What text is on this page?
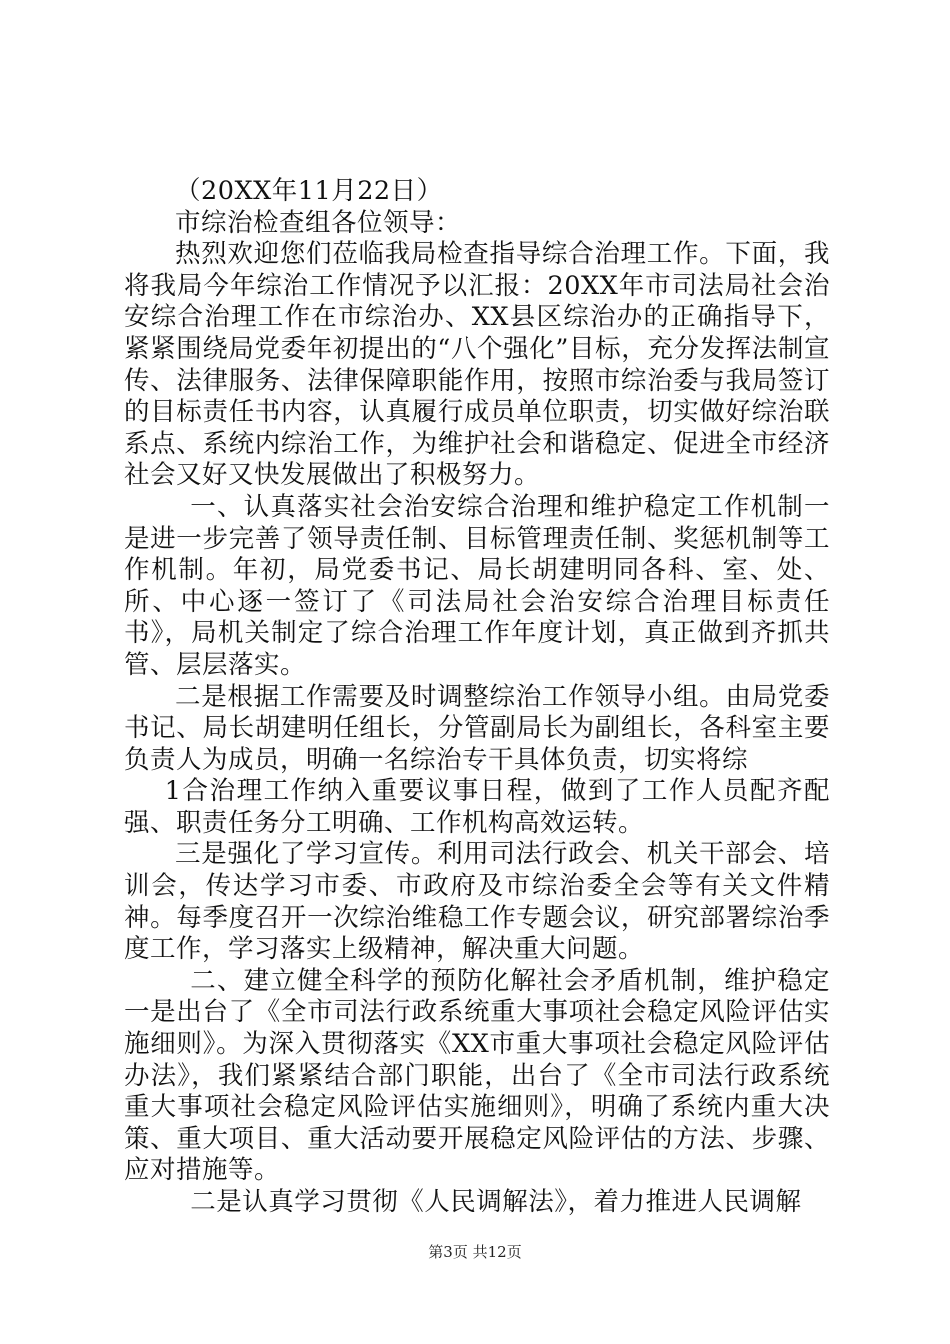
（20XX年11月22日）

市综治检查组各位领导：

热烈欢迎您们莅临我局检查指导综合治理工作。下面，我将我局今年综治工作情况予以汇报：20XX年市司法局社会治安综合治理工作在市综治办、XX县区综治办的正确指导下，紧紧围绕局党委年初提出的“八个强化”目标，充分发挥法制宣传、法律服务、法律保障职能作用，按照市综治委与我局签订的目标责任书内容，认真履行成员单位职责，切实做好综治联系点、系统内综治工作，为维护社会和谐稳定、促进全市经济社会又好又快发展做出了积极努力。

一、认真落实社会治安综合治理和维护稳定工作机制一是进一步完善了领导责任制、目标管理责任制、奖惩机制等工作机制。年初，局党委书记、局长胡建明同各科、室、处、所、中心逐一签订了《司法局社会治安综合治理目标责任书》，局机关制定了综合治理工作年度计划，真正做到齐抓共管、层层落实。

二是根据工作需要及时调整综治工作领导小组。由局党委书记、局长胡建明任组长，分管副局长为副组长，各科室主要负责人为成员，明确一名综治专干具体负责，切实将综

1合治理工作纳入重要议事日程，做到了工作人员配齐配强、职责任务分工明确、工作机构高效运转。

三是强化了学习宣传。利用司法行政会、机关干部会、培训会，传达学习市委、市政府及市综治委全会等有关文件精神。每季度召开一次综治维稳工作专题会议，研究部署综治季度工作，学习落实上级精神，解决重大问题。

二、建立健全科学的预防化解社会矛盾机制，维护稳定一是出台了《全市司法行政系统重大事项社会稳定风险评估实施细则》。为深入贯彻落实《XX市重大事项社会稳定风险评估办法》，我们紧紧结合部门职能，出台了《全市司法行政系统重大事项社会稳定风险评估实施细则》，明确了系统内重大决策、重大项目、重大活动要开展稳定风险评估的方法、步骤、应对措施等。

二是认真学习贯彻《人民调解法》，着力推进人民调解

第3页 共12页
